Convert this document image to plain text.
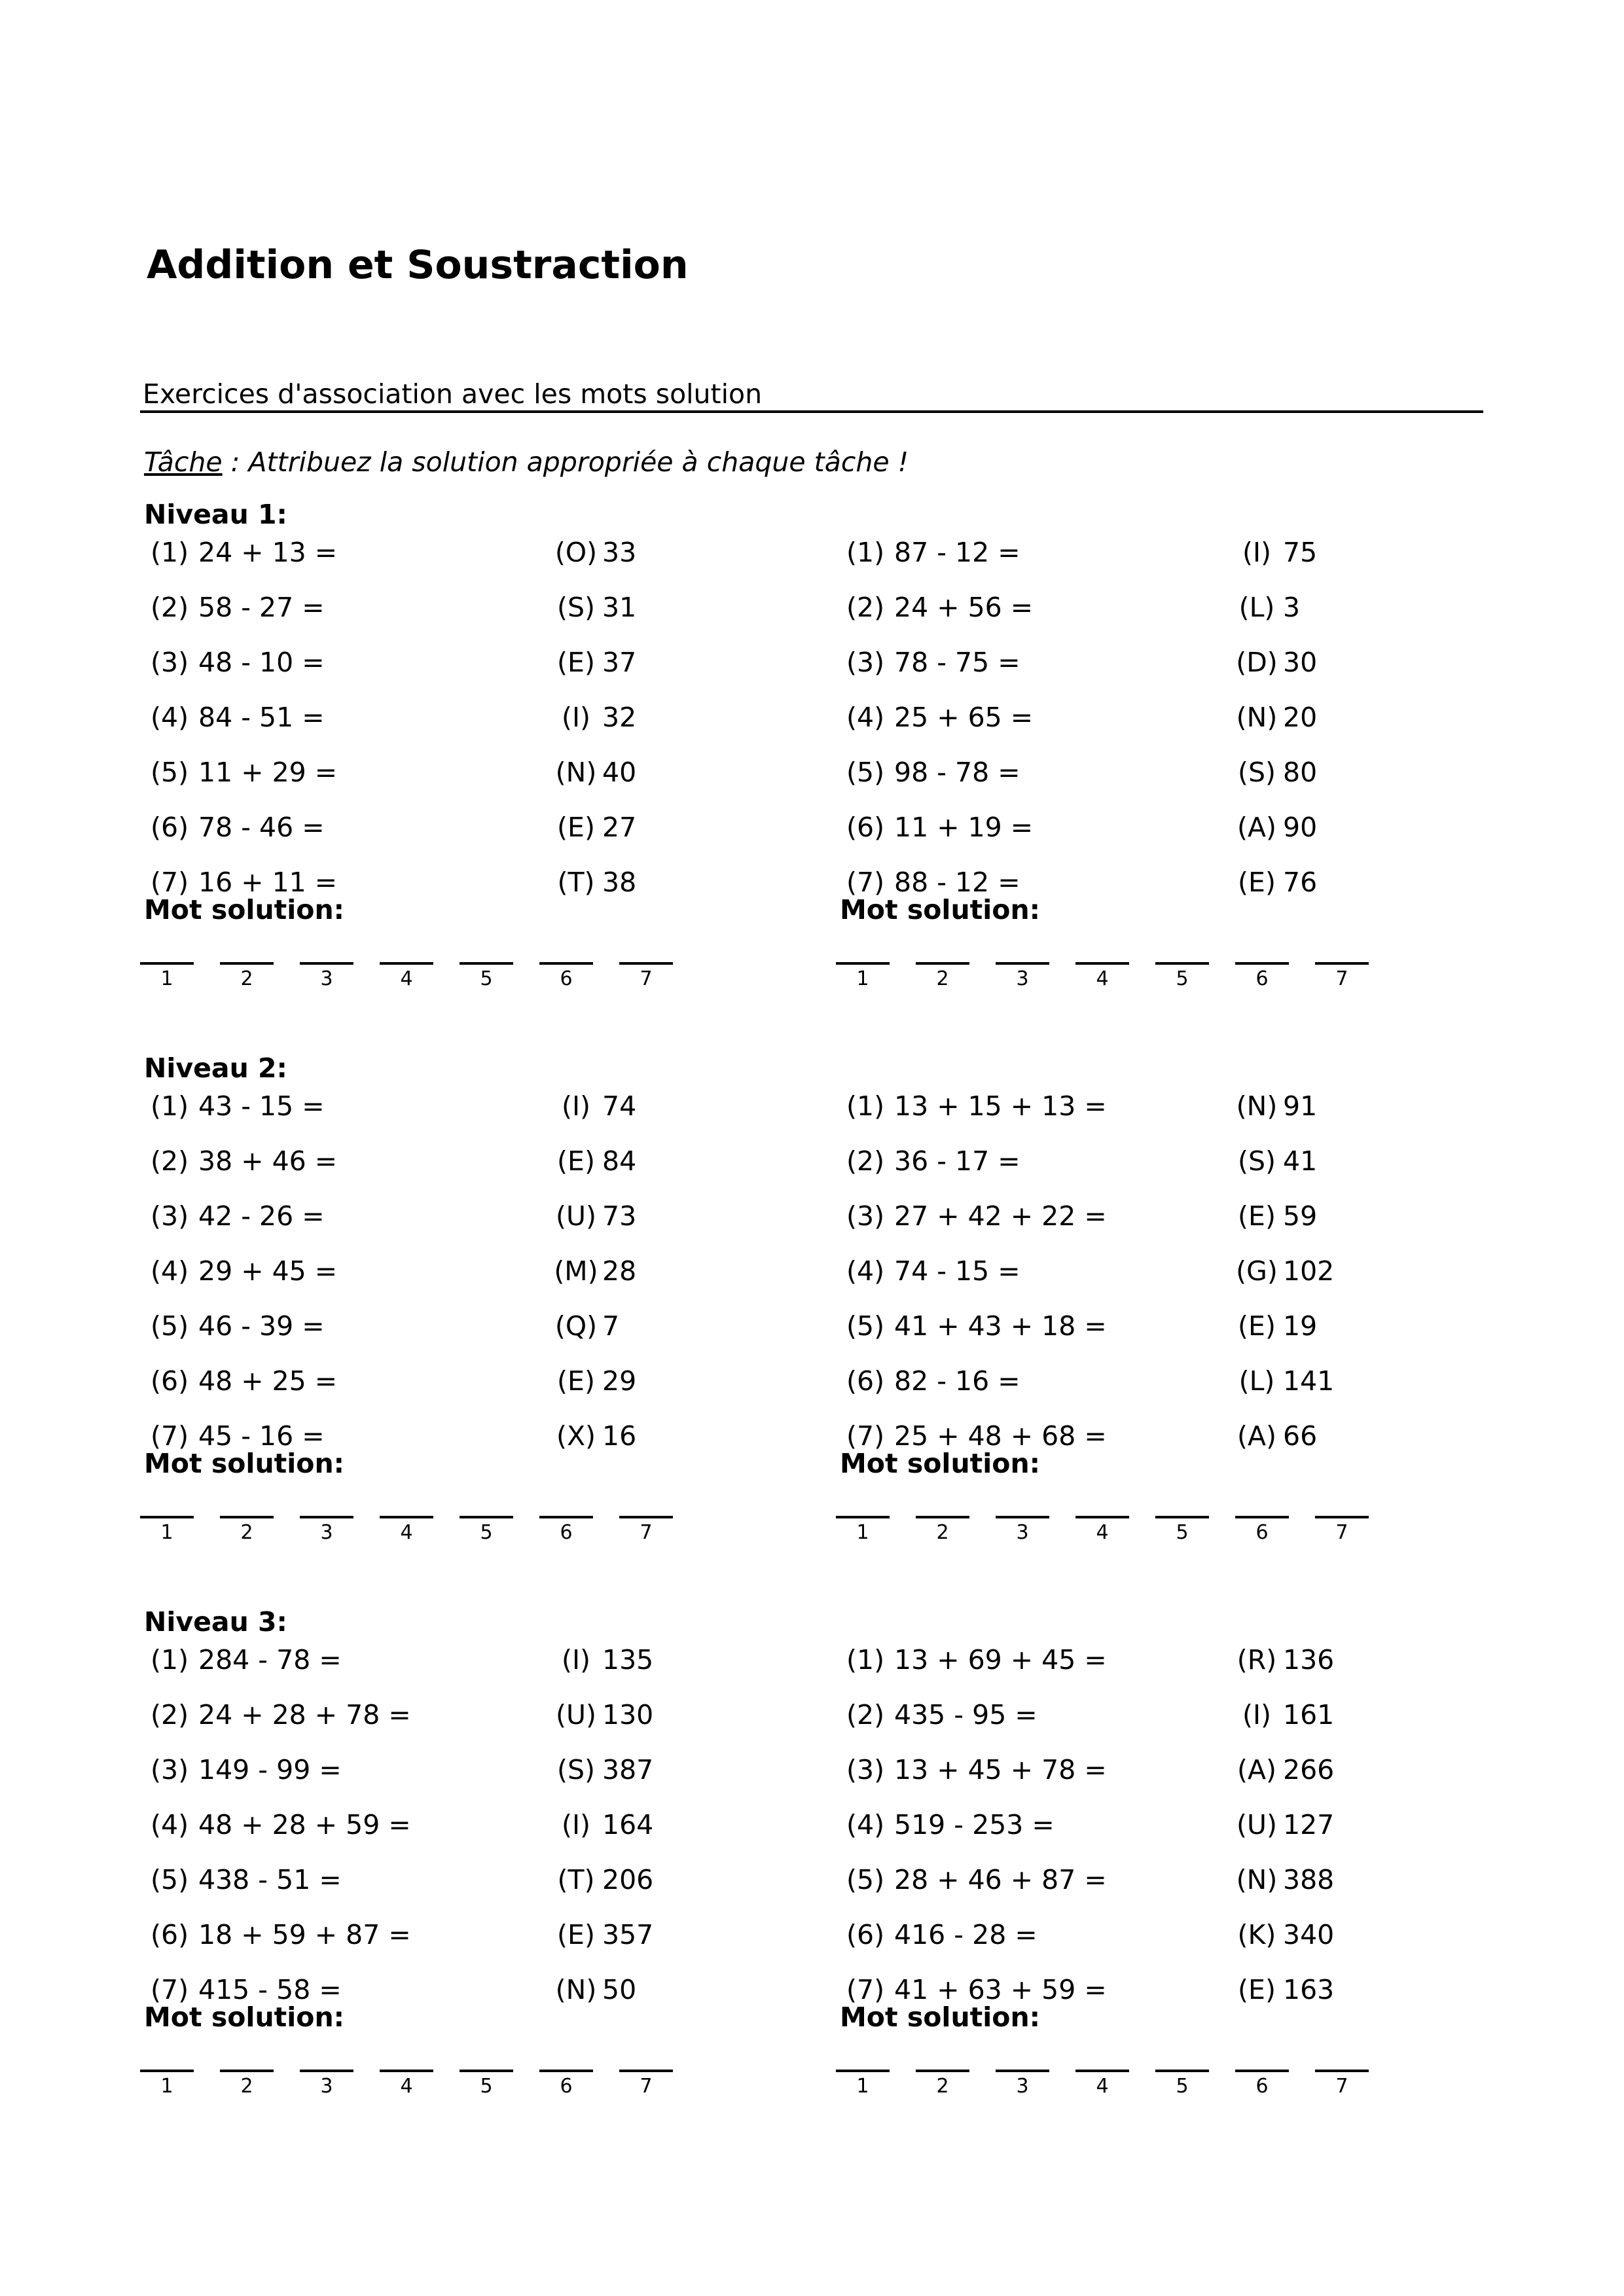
Addition et Soustraction
Exercices d'association avec les mots solution
Tâche : Attribuez la solution appropriée à chaque tâche !
Niveau 1:
(1) 24 + 13 =	(O) 33
(2) 58 - 27 =	(S) 31
(3) 48 - 10 =	(E) 37
(4) 84 - 51 =	(I) 32
(5) 11 + 29 =	(N) 40
(6) 78 - 46 =	(E) 27
(7) 16 + 11 =	(T) 38
Mot solution:
1	2	3	4	5	6	7
(1) 87 - 12 =	(I) 75
(2) 24 + 56 =	(L) 3
(3) 78 - 75 =	(D) 30
(4) 25 + 65 =	(N) 20
(5) 98 - 78 =	(S) 80
(6) 11 + 19 =	(A) 90
(7) 88 - 12 =	(E) 76
Mot solution:
1	2	3	4	5	6	7
Niveau 2:
(1) 43 - 15 =	(I) 74
(2) 38 + 46 =	(E) 84
(3) 42 - 26 =	(U) 73
(4) 29 + 45 =	(M) 28
(5) 46 - 39 =	(Q) 7
(6) 48 + 25 =	(E) 29
(7) 45 - 16 =	(X) 16
Mot solution:
1	2	3	4	5	6	7
(1) 13 + 15 + 13 =	(N) 91
(2) 36 - 17 =	(S) 41
(3) 27 + 42 + 22 =	(E) 59
(4) 74 - 15 =	(G) 102
(5) 41 + 43 + 18 =	(E) 19
(6) 82 - 16 =	(L) 141
(7) 25 + 48 + 68 =	(A) 66
Mot solution:
1	2	3	4	5	6	7
Niveau 3:
(1) 284 - 78 =	(I) 135
(2) 24 + 28 + 78 =	(U) 130
(3) 149 - 99 =	(S) 387
(4) 48 + 28 + 59 =	(I) 164
(5) 438 - 51 =	(T) 206
(6) 18 + 59 + 87 =	(E) 357
(7) 415 - 58 =	(N) 50
Mot solution:
1	2	3	4	5	6	7
(1) 13 + 69 + 45 =	(R) 136
(2) 435 - 95 =	(I) 161
(3) 13 + 45 + 78 =	(A) 266
(4) 519 - 253 =	(U) 127
(5) 28 + 46 + 87 =	(N) 388
(6) 416 - 28 =	(K) 340
(7) 41 + 63 + 59 =	(E) 163
Mot solution:
1	2	3	4	5	6	7
